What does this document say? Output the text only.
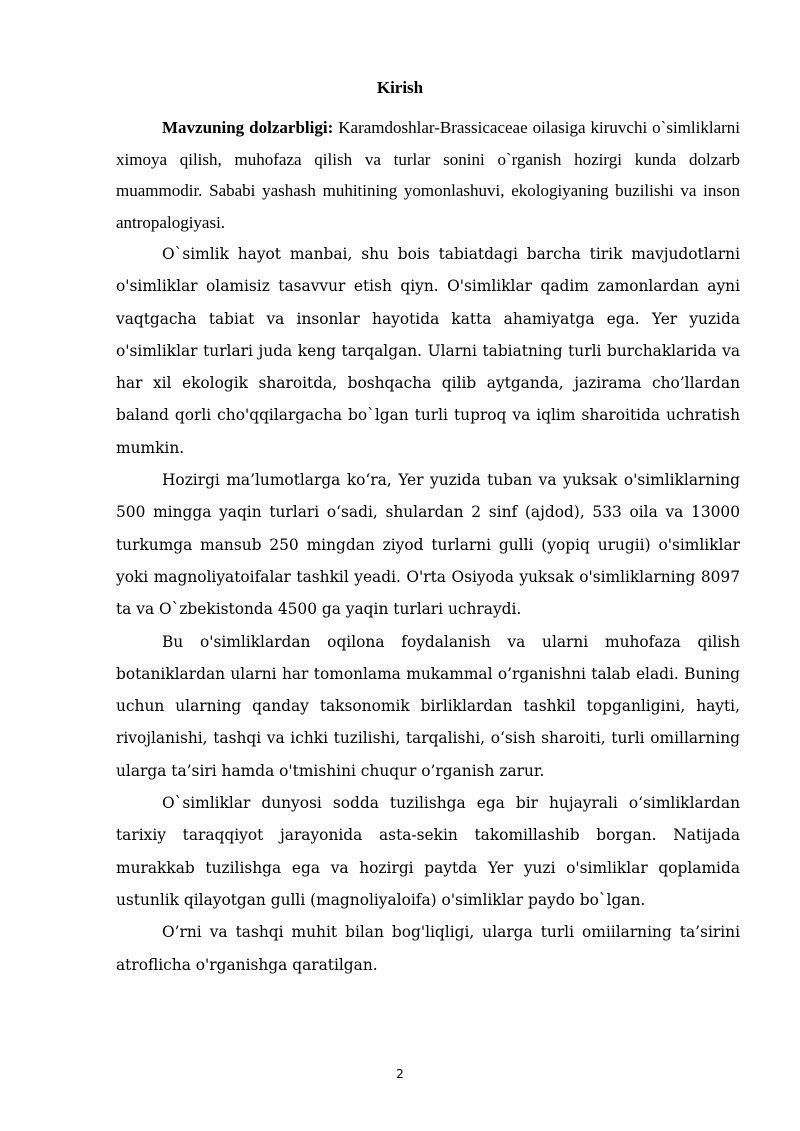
Kirish

Mavzuning dolzarbligi: Karamdoshlar-Brassicaceae oilasiga kiruvchi o`simliklarni ximoya qilish, muhofaza qilish va turlar sonini o`rganish hozirgi kunda dolzarb muammodir. Sababi yashash muhitining yomonlashuvi, ekologiyaning buzilishi va inson antropalogiyasi.

O`simlik hayot manbai, shu bois tabiatdagi barcha tirik mavjudotlarni o'simliklar olamisiz tasavvur etish qiyn. O'simliklar qadim zamonlardan ayni vaqtgacha tabiat va insonlar hayotida katta ahamiyatga ega. Yer yuzida o'simliklar turlari juda keng tarqalgan. Ularni tabiatning turli burchaklarida va har xil ekologik sharoitda, boshqacha qilib aytganda, jazirama cho’llardan baland qorli cho'qqilargacha bo`lgan turli tuproq va iqlim sharoitida uchratish mumkin.

Hozirgi ma’lumotlarga ko‘ra, Yer yuzida tuban va yuksak o'simliklarning 500 mingga yaqin turlari o‘sadi, shulardan 2 sinf (ajdod), 533 oila va 13000 turkumga mansub 250 mingdan ziyod turlarni gulli (yopiq urugii) o'simliklar yoki magnoliyatoifalar tashkil yeadi. O'rta Osiyoda yuksak o'simliklarning 8097 ta va O`zbekistonda 4500 ga yaqin turlari uchraydi.

Bu o'simliklardan oqilona foydalanish va ularni muhofaza qilish botaniklardan ularni har tomonlama mukammal o’rganishni talab eladi. Buning uchun ularning qanday taksonomik birliklardan tashkil topganligini, hayti, rivojlanishi, tashqi va ichki tuzilishi, tarqalishi, o‘sish sharoiti, turli omillarning ularga ta’siri hamda o'tmishini chuqur o’rganish zarur.

O`simliklar dunyosi sodda tuzilishga ega bir hujayrali o‘simliklardan tarixiy taraqqiyot jarayonida asta-sekin takomillashib borgan. Natijada murakkab tuzilishga ega va hozirgi paytda Yer yuzi o'simliklar qoplamida ustunlik qilayotgan gulli (magnoliyaloifa) o'simliklar paydo bo`lgan.

O’rni va tashqi muhit bilan bog'liqligi, ularga turli omiilarning ta’sirini atroflicha o'rganishga qaratilgan.

2
